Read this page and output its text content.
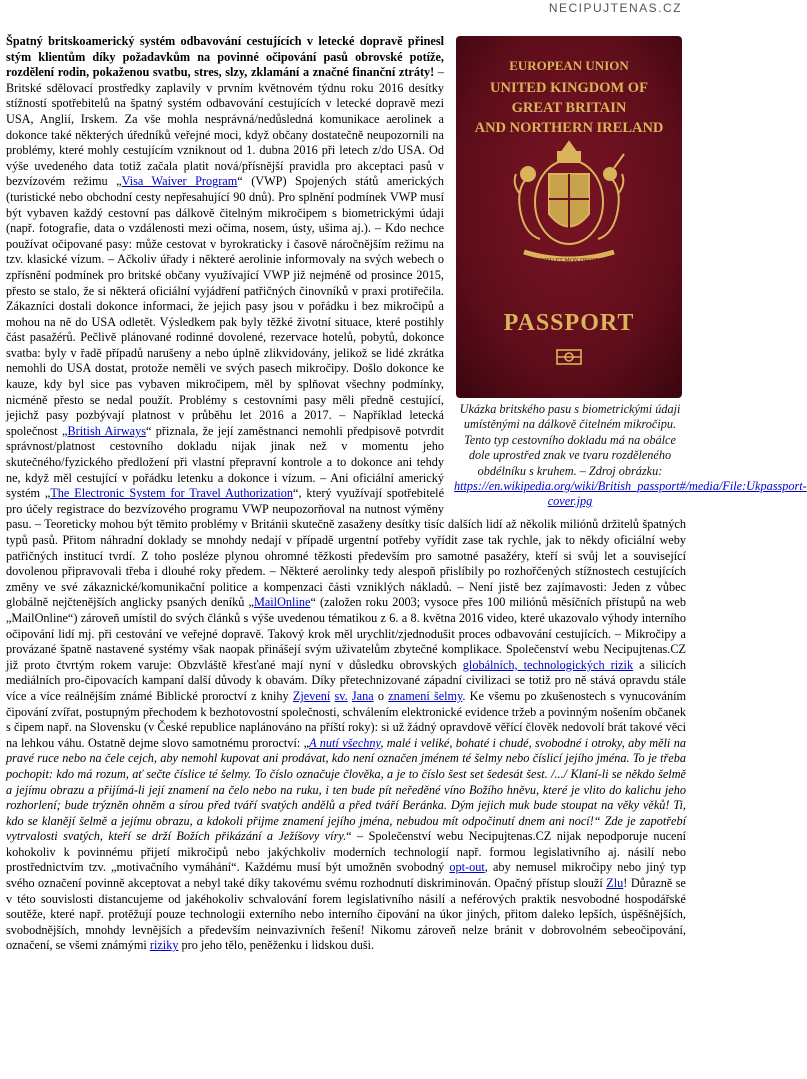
NECIPUJTENAS.CZ
EUROPEAN UNION
UNITED KINGDOM OF
GREAT BRITAIN
AND NORTHERN IRELAND
DIEU ET MON DROIT
PASSPORT
Ukázka britského pasu s biometrickými údaji umístěnými na dálkově čitelném mikročipu. Tento typ cestovního dokladu má na obálce dole uprostřed znak ve tvaru rozděleného obdélníku s kruhem. – Zdroj obrázku: https://en.wikipedia.org/wiki/British_passport#/media/File:Ukpassport-cover.jpg

Špatný britskoamerický systém odbavování cestujících v letecké dopravě přinesl stým klientům díky požadavkům na povinné očipování pasů obrovské potíže, rozdělení rodin, pokaženou svatbu, stres, slzy, zklamání a značné finanční ztráty! – Britské sdělovací prostředky zaplavily v prvním květnovém týdnu roku 2016 desítky stížností spotřebitelů na špatný systém odbavování cestujících v letecké dopravě mezi USA, Anglií, Irskem. Za vše mohla nesprávná/nedůsledná komunikace aerolinek a dokonce také některých úředníků veřejné moci, když občany dostatečně neupozornili na problémy, které mohly cestujícím vzniknout od 1. dubna 2016 při letech z/do USA. Od výše uvedeného data totiž začala platit nová/přísnější pravidla pro akceptaci pasů v bezvízovém režimu „Visa Waiver Program“ (VWP) Spojených států amerických (turistické nebo obchodní cesty nepřesahující 90 dnů). Pro splnění podmínek VWP musí být vybaven každý cestovní pas dálkově čitelným mikročipem s biometrickými údaji (např. fotografie, data o vzdálenosti mezi očima, nosem, ústy, ušima aj.). – Kdo nechce používat očipované pasy: může cestovat v byrokraticky i časově náročnějším režimu na tzv. klasické vízum. – Ačkoliv úřady i některé aerolinie informovaly na svých webech o zpřísnění podmínek pro britské občany využívající VWP již nejméně od prosince 2015, přesto se stalo, že si některá oficiální vyjádření patřičných činovníků v praxi protiřečila. Zákazníci dostali dokonce informaci, že jejich pasy jsou v pořádku i bez mikročipů a mohou na ně do USA odletět. Výsledkem pak byly těžké životní situace, které postihly část pasažérů. Pečlivě plánované rodinné dovolené, rezervace hotelů, pobytů, dokonce svatba: byly v řadě případů narušeny a nebo úplně zlikvidovány, jelikož se lidé zkrátka nemohli do USA dostat, protože neměli ve svých pasech mikročipy. Došlo dokonce ke kauze, kdy byl sice pas vybaven mikročipem, měl by splňovat všechny podmínky, nicméně přesto se nedal použít. Problémy s cestovními pasy měli předně cestující, jejichž pasy pozbývají platnost v průběhu let 2016 a 2017. – Například letecká společnost „British Airways“ přiznala, že její zaměstnanci nemohli předpisově potvrdit správnost/platnost cestovního dokladu nijak jinak než v momentu jeho skutečného/fyzického předložení při vlastní přepravní kontrole a to dokonce ani tehdy ne, když měl cestující v pořádku letenku a dokonce i vízum. – Ani oficiální americký systém „The Electronic System for Travel Authorization“, který využívají spotřebitelé pro účely registrace do bezvízového programu VWP neupozorňoval na nutnost výměny pasu. – Teoreticky mohou být těmito problémy v Británii skutečně zasaženy desítky tisíc dalších lidí až několik miliónů držitelů špatných typů pasů. Přitom náhradní doklady se mnohdy nedají v případě urgentní potřeby vyřídit zase tak rychle, jak to někdy oficiální weby patřičných institucí tvrdí. Z toho posléze plynou ohromné těžkosti především pro samotné pasažéry, kteří si svůj let a související dovolenou připravovali třeba i dlouhé roky předem. – Některé aerolinky tedy alespoň přislíbily po rozhořčených stížnostech cestujících změny ve své zákaznické/komunikační politice a kompenzaci části vzniklých nákladů. – Není jistě bez zajímavosti: Jeden z vůbec globálně nejčtenějších anglicky psaných deníků „MailOnline“ (založen roku 2003; vysoce přes 100 miliónů měsíčních přístupů na web „MailOnline“) zároveň umístil do svých článků s výše uvedenou tématikou z 6. a 8. května 2016 video, které ukazovalo výhody interního očipování lidí mj. při cestování ve veřejné dopravě. Takový krok měl urychlit/zjednodušit proces odbavování cestujících. – Mikročipy a provázané špatně nastavené systémy však naopak přinášejí svým uživatelům zbytečné komplikace. Společenství webu Necipujtenas.CZ již proto čtvrtým rokem varuje: Obzvláště křesťané mají nyní v důsledku obrovských globálních, technologických rizik a silicích mediálních pro-čipovacích kampaní další důvody k obavám. Díky přetechnizované západní civilizaci se totiž pro ně stává opravdu stále více a více reálnějším známé Biblické proroctví z knihy Zjevení sv. Jana o znamení šelmy. Ke všemu po zkušenostech s vynucováním čipování zvířat, postupným přechodem k bezhotovostní společnosti, schválením elektronické evidence tržeb a povinným nošením občanek s čipem např. na Slovensku (v České republice naplánováno na příští roky): si už žádný opravdově věřící člověk nedovolí brát takové věci na lehkou váhu. Ostatně dejme slovo samotnému proroctví: „A nutí všechny, malé i veliké, bohaté i chudé, svobodné i otroky, aby měli na pravé ruce nebo na čele cejch, aby nemohl kupovat ani prodávat, kdo není označen jménem té šelmy nebo číslicí jejího jména. To je třeba pochopit: kdo má rozum, ať sečte číslice té šelmy. To číslo označuje člověka, a je to číslo šest set šedesát šest. /.../ Klaní-li se někdo šelmě a jejímu obrazu a přijímá-li její znamení na čelo nebo na ruku, i ten bude pít neředěné víno Božího hněvu, které je vlito do kalichu jeho rozhorlení; bude trýzněn ohněm a sírou před tváří svatých andělů a před tváří Beránka. Dým jejich muk bude stoupat na věky věků! Ti, kdo se klanějí šelmě a jejímu obrazu, a kdokoli přijme znamení jejího jména, nebudou mít odpočinutí dnem ani nocí!“ Zde je zapotřebí vytrvalosti svatých, kteří se drží Božích přikázání a Ježíšovy víry.“ – Společenství webu Necipujtenas.CZ nijak nepodporuje nucení kohokoliv k povinnému přijetí mikročipů nebo jakýchkoliv moderních technologií např. formou legislativního aj. násilí nebo prostřednictvím tzv. „motivačního vymáhání“. Každému musí být umožněn svobodný opt-out, aby nemusel mikročipy nebo jiný typ svého označení povinně akceptovat a nebyl také díky takovému svému rozhodnutí diskriminován. Opačný přístup slouží Zlu! Důrazně se v této souvislosti distancujeme od jakéhokoliv schvalování forem legislativního násilí a neférových praktik nesvobodné hospodářské soutěže, které např. protěžují pouze technologii externího nebo interního čipování na úkor jiných, přitom daleko lepších, úspěšnějších, svobodnějších, mnohdy levnějších a především neinvazivních řešení! Nikomu zároveň nelze bránit v dobrovolném sebeočipování, označení, se všemi známými riziky pro jeho tělo, peněženku i lidskou duši.
